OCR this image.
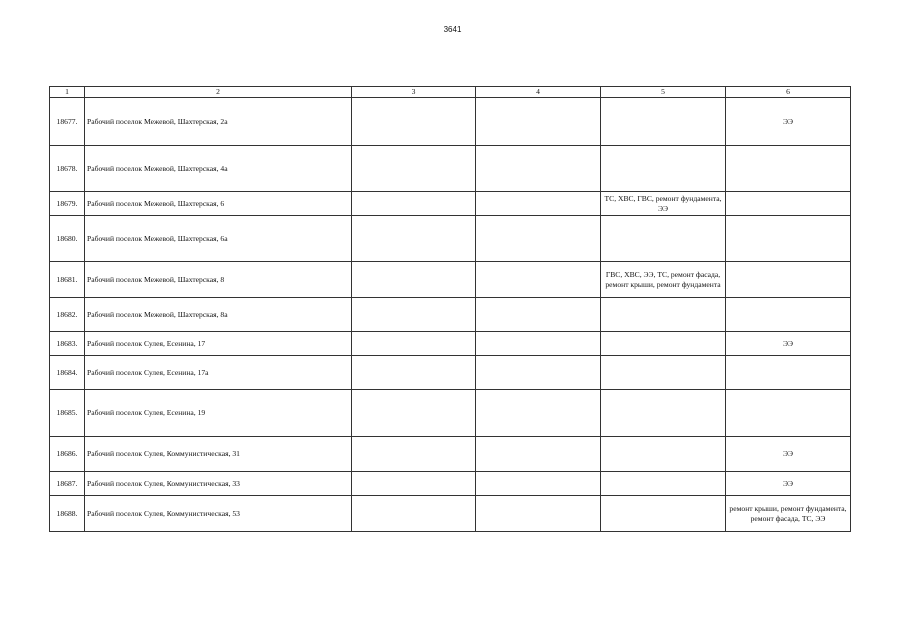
3641
1	2	3	4	5	6
18677.	Рабочий поселок Межевой, Шахтерская, 2а				ЭЭ
18678.	Рабочий поселок Межевой, Шахтерская, 4а				
18679.	Рабочий поселок Межевой, Шахтерская, 6			ТС, ХВС, ГВС, ремонт фундамента, ЭЭ	
18680.	Рабочий поселок Межевой, Шахтерская, 6а				
18681.	Рабочий поселок Межевой, Шахтерская, 8			ГВС, ХВС, ЭЭ, ТС, ремонт фасада, ремонт крыши, ремонт фундамента	
18682.	Рабочий поселок Межевой, Шахтерская, 8а				
18683.	Рабочий поселок Сулея, Есенина, 17				ЭЭ
18684.	Рабочий поселок Сулея, Есенина, 17а				
18685.	Рабочий поселок Сулея, Есенина, 19				
18686.	Рабочий поселок Сулея, Коммунистическая, 31				ЭЭ
18687.	Рабочий поселок Сулея, Коммунистическая, 33				ЭЭ
18688.	Рабочий поселок Сулея, Коммунистическая, 53				ремонт крыши, ремонт фундамента, ремонт фасада, ТС, ЭЭ
